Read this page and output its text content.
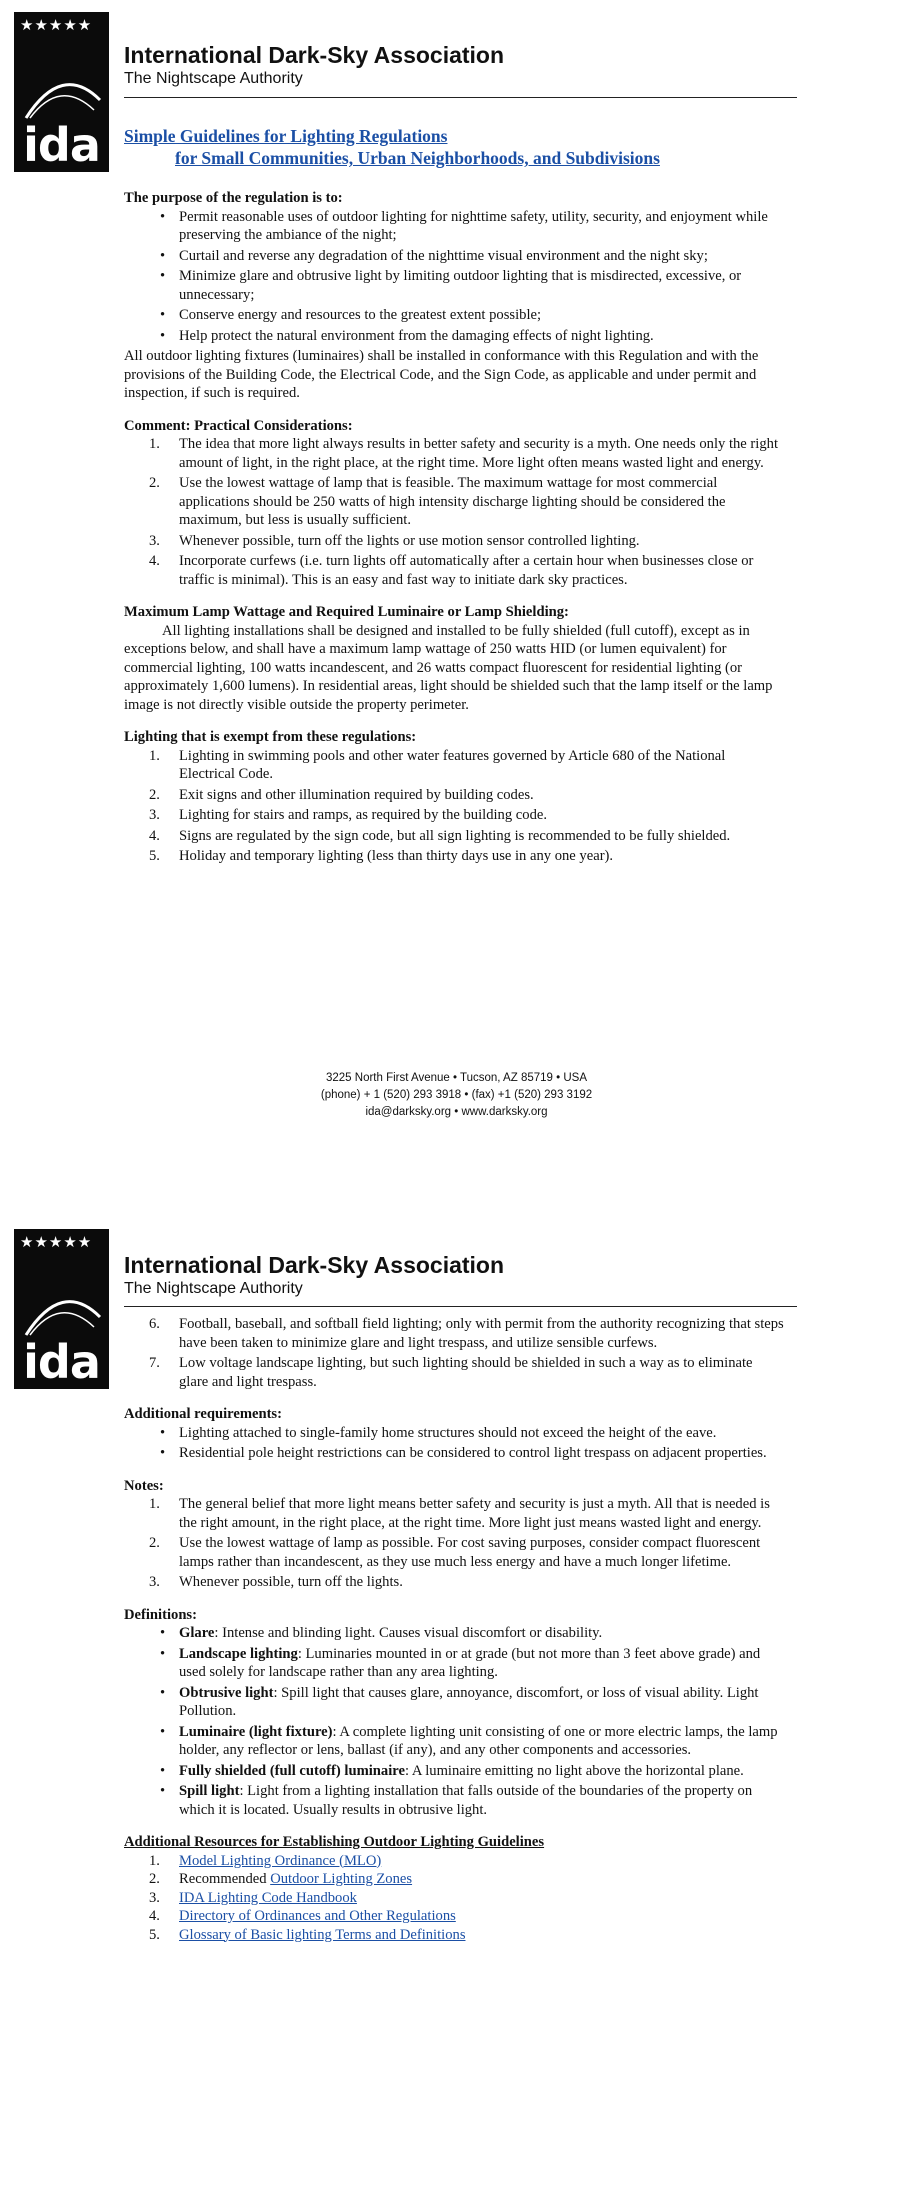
★★★★★
ida
International Dark-Sky Association
The Nightscape Authority
Simple Guidelines for Lighting Regulations
for Small Communities, Urban Neighborhoods, and Subdivisions
The purpose of the regulation is to:
• Permit reasonable uses of outdoor lighting for nighttime safety, utility, security, and enjoyment while preserving the ambiance of the night;
• Curtail and reverse any degradation of the nighttime visual environment and the night sky;
• Minimize glare and obtrusive light by limiting outdoor lighting that is misdirected, excessive, or unnecessary;
• Conserve energy and resources to the greatest extent possible;
• Help protect the natural environment from the damaging effects of night lighting.

All outdoor lighting fixtures (luminaires) shall be installed in conformance with this Regulation and with the provisions of the Building Code, the Electrical Code, and the Sign Code, as applicable and under permit and inspection, if such is required.

Comment: Practical Considerations:
1. The idea that more light always results in better safety and security is a myth. One needs only the right amount of light, in the right place, at the right time. More light often means wasted light and energy.
2. Use the lowest wattage of lamp that is feasible. The maximum wattage for most commercial applications should be 250 watts of high intensity discharge lighting should be considered the maximum, but less is usually sufficient.
3. Whenever possible, turn off the lights or use motion sensor controlled lighting.
4. Incorporate curfews (i.e. turn lights off automatically after a certain hour when businesses close or traffic is minimal). This is an easy and fast way to initiate dark sky practices.
Maximum Lamp Wattage and Required Luminaire or Lamp Shielding:

All lighting installations shall be designed and installed to be fully shielded (full cutoff), except as in exceptions below, and shall have a maximum lamp wattage of 250 watts HID (or lumen equivalent) for commercial lighting, 100 watts incandescent, and 26 watts compact fluorescent for residential lighting (or approximately 1,600 lumens). In residential areas, light should be shielded such that the lamp itself or the lamp image is not directly visible outside the property perimeter.

Lighting that is exempt from these regulations:
1. Lighting in swimming pools and other water features governed by Article 680 of the National Electrical Code.
2. Exit signs and other illumination required by building codes.
3. Lighting for stairs and ramps, as required by the building code.
4. Signs are regulated by the sign code, but all sign lighting is recommended to be fully shielded.
5. Holiday and temporary lighting (less than thirty days use in any one year).
3225 North First Avenue • Tucson, AZ 85719 • USA
(phone) + 1 (520) 293 3918 • (fax) +1 (520) 293 3192
ida@darksky.org • www.darksky.org
★★★★★
ida
International Dark-Sky Association
The Nightscape Authority
6. Football, baseball, and softball field lighting; only with permit from the authority recognizing that steps have been taken to minimize glare and light trespass, and utilize sensible curfews.
7. Low voltage landscape lighting, but such lighting should be shielded in such a way as to eliminate glare and light trespass.
Additional requirements:
• Lighting attached to single-family home structures should not exceed the height of the eave.
• Residential pole height restrictions can be considered to control light trespass on adjacent properties.
Notes:
1. The general belief that more light means better safety and security is just a myth. All that is needed is the right amount, in the right place, at the right time. More light just means wasted light and energy.
2. Use the lowest wattage of lamp as possible. For cost saving purposes, consider compact fluorescent lamps rather than incandescent, as they use much less energy and have a much longer lifetime.
3. Whenever possible, turn off the lights.
Definitions:
• Glare: Intense and blinding light. Causes visual discomfort or disability.
• Landscape lighting: Luminaries mounted in or at grade (but not more than 3 feet above grade) and used solely for landscape rather than any area lighting.
• Obtrusive light: Spill light that causes glare, annoyance, discomfort, or loss of visual ability. Light Pollution.
• Luminaire (light fixture): A complete lighting unit consisting of one or more electric lamps, the lamp holder, any reflector or lens, ballast (if any), and any other components and accessories.
• Fully shielded (full cutoff) luminaire: A luminaire emitting no light above the horizontal plane.
• Spill light: Light from a lighting installation that falls outside of the boundaries of the property on which it is located. Usually results in obtrusive light.
Additional Resources for Establishing Outdoor Lighting Guidelines
1. Model Lighting Ordinance (MLO)
2. Recommended Outdoor Lighting Zones
3. IDA Lighting Code Handbook
4. Directory of Ordinances and Other Regulations
5. Glossary of Basic lighting Terms and Definitions
